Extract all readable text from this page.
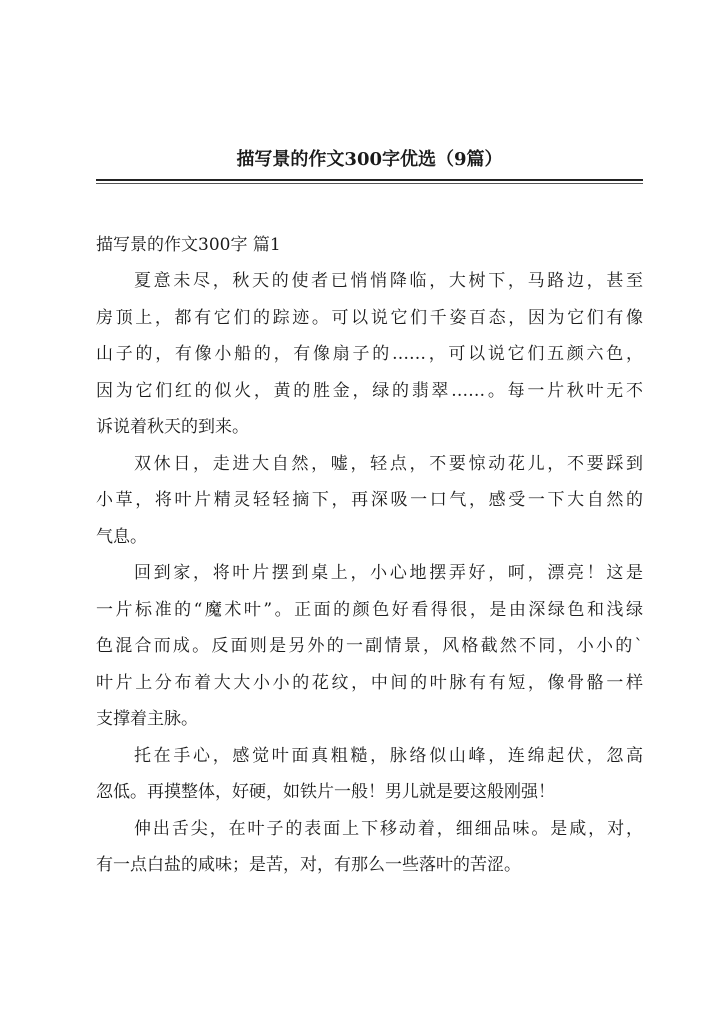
描写景的作文300字优选（9篇）

描写景的作文300字 篇1

夏意未尽，秋天的使者已悄悄降临，大树下，马路边，甚至
房顶上，都有它们的踪迹。可以说它们千姿百态，因为它们有像
山子的，有像小船的，有像扇子的……，可以说它们五颜六色，
因为它们红的似火，黄的胜金，绿的翡翠……。每一片秋叶无不
诉说着秋天的到来。

双休日，走进大自然，嘘，轻点，不要惊动花儿，不要踩到
小草，将叶片精灵轻轻摘下，再深吸一口气，感受一下大自然的
气息。

回到家，将叶片摆到桌上，小心地摆弄好，呵，漂亮！这是
一片标准的“魔术叶”。正面的颜色好看得很，是由深绿色和浅绿
色混合而成。反面则是另外的一副情景，风格截然不同，小小的`
叶片上分布着大大小小的花纹，中间的叶脉有有短，像骨骼一样
支撑着主脉。

托在手心，感觉叶面真粗糙，脉络似山峰，连绵起伏，忽高
忽低。再摸整体，好硬，如铁片一般！男儿就是要这般刚强！

伸出舌尖，在叶子的表面上下移动着，细细品味。是咸，对，
有一点白盐的咸味；是苦，对，有那么一些落叶的苦涩。
